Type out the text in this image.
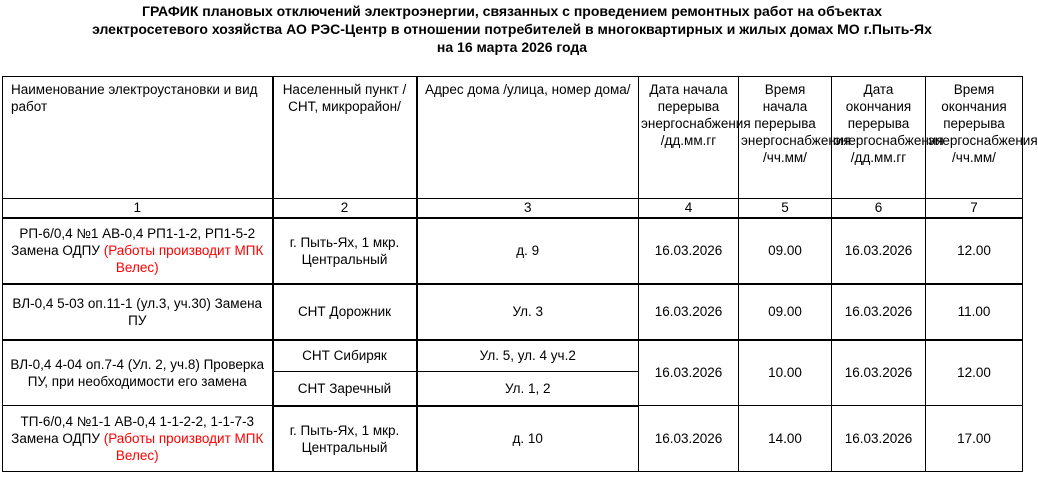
ГРАФИК плановых отключений электроэнергии, связанных с проведением ремонтных работ на объектах
электросетевого хозяйства АО РЭС-Центр в отношении потребителей в многоквартирных и жилых домах МО г.Пыть-Ях
на 16 марта 2026 года
Наименование электроустановки и вид работ	Населенный пункт /СНТ, микрорайон/	Адрес дома /улица, номер дома/	Дата начала перерыва энергоснабжения /дд.мм.гг	Время начала перерыва энергоснабжения /чч.мм/	Дата окончания перерыва энергоснабжения /дд.мм.гг	Время окончания перерыва энергоснабжения /чч.мм/
1	2	3	4	5	6	7
РП-6/0,4 №1 АВ-0,4 РП1-1-2, РП1-5-2 Замена ОДПУ (Работы производит МПК Велес)	г. Пыть-Ях, 1 мкр. Центральный	д. 9	16.03.2026	09.00	16.03.2026	12.00
ВЛ-0,4 5-03 оп.11-1 (ул.3, уч.30) Замена ПУ	СНТ Дорожник	Ул. 3	16.03.2026	09.00	16.03.2026	11.00
ВЛ-0,4 4-04 оп.7-4 (Ул. 2, уч.8) Проверка ПУ, при необходимости его замена	СНТ Сибиряк	Ул. 5, ул. 4 уч.2	16.03.2026	10.00	16.03.2026	12.00
	СНТ Заречный	Ул. 1, 2				
ТП-6/0,4 №1-1 АВ-0,4 1-1-2-2, 1-1-7-3 Замена ОДПУ (Работы производит МПК Велес)	г. Пыть-Ях, 1 мкр. Центральный	д. 10	16.03.2026	14.00	16.03.2026	17.00
